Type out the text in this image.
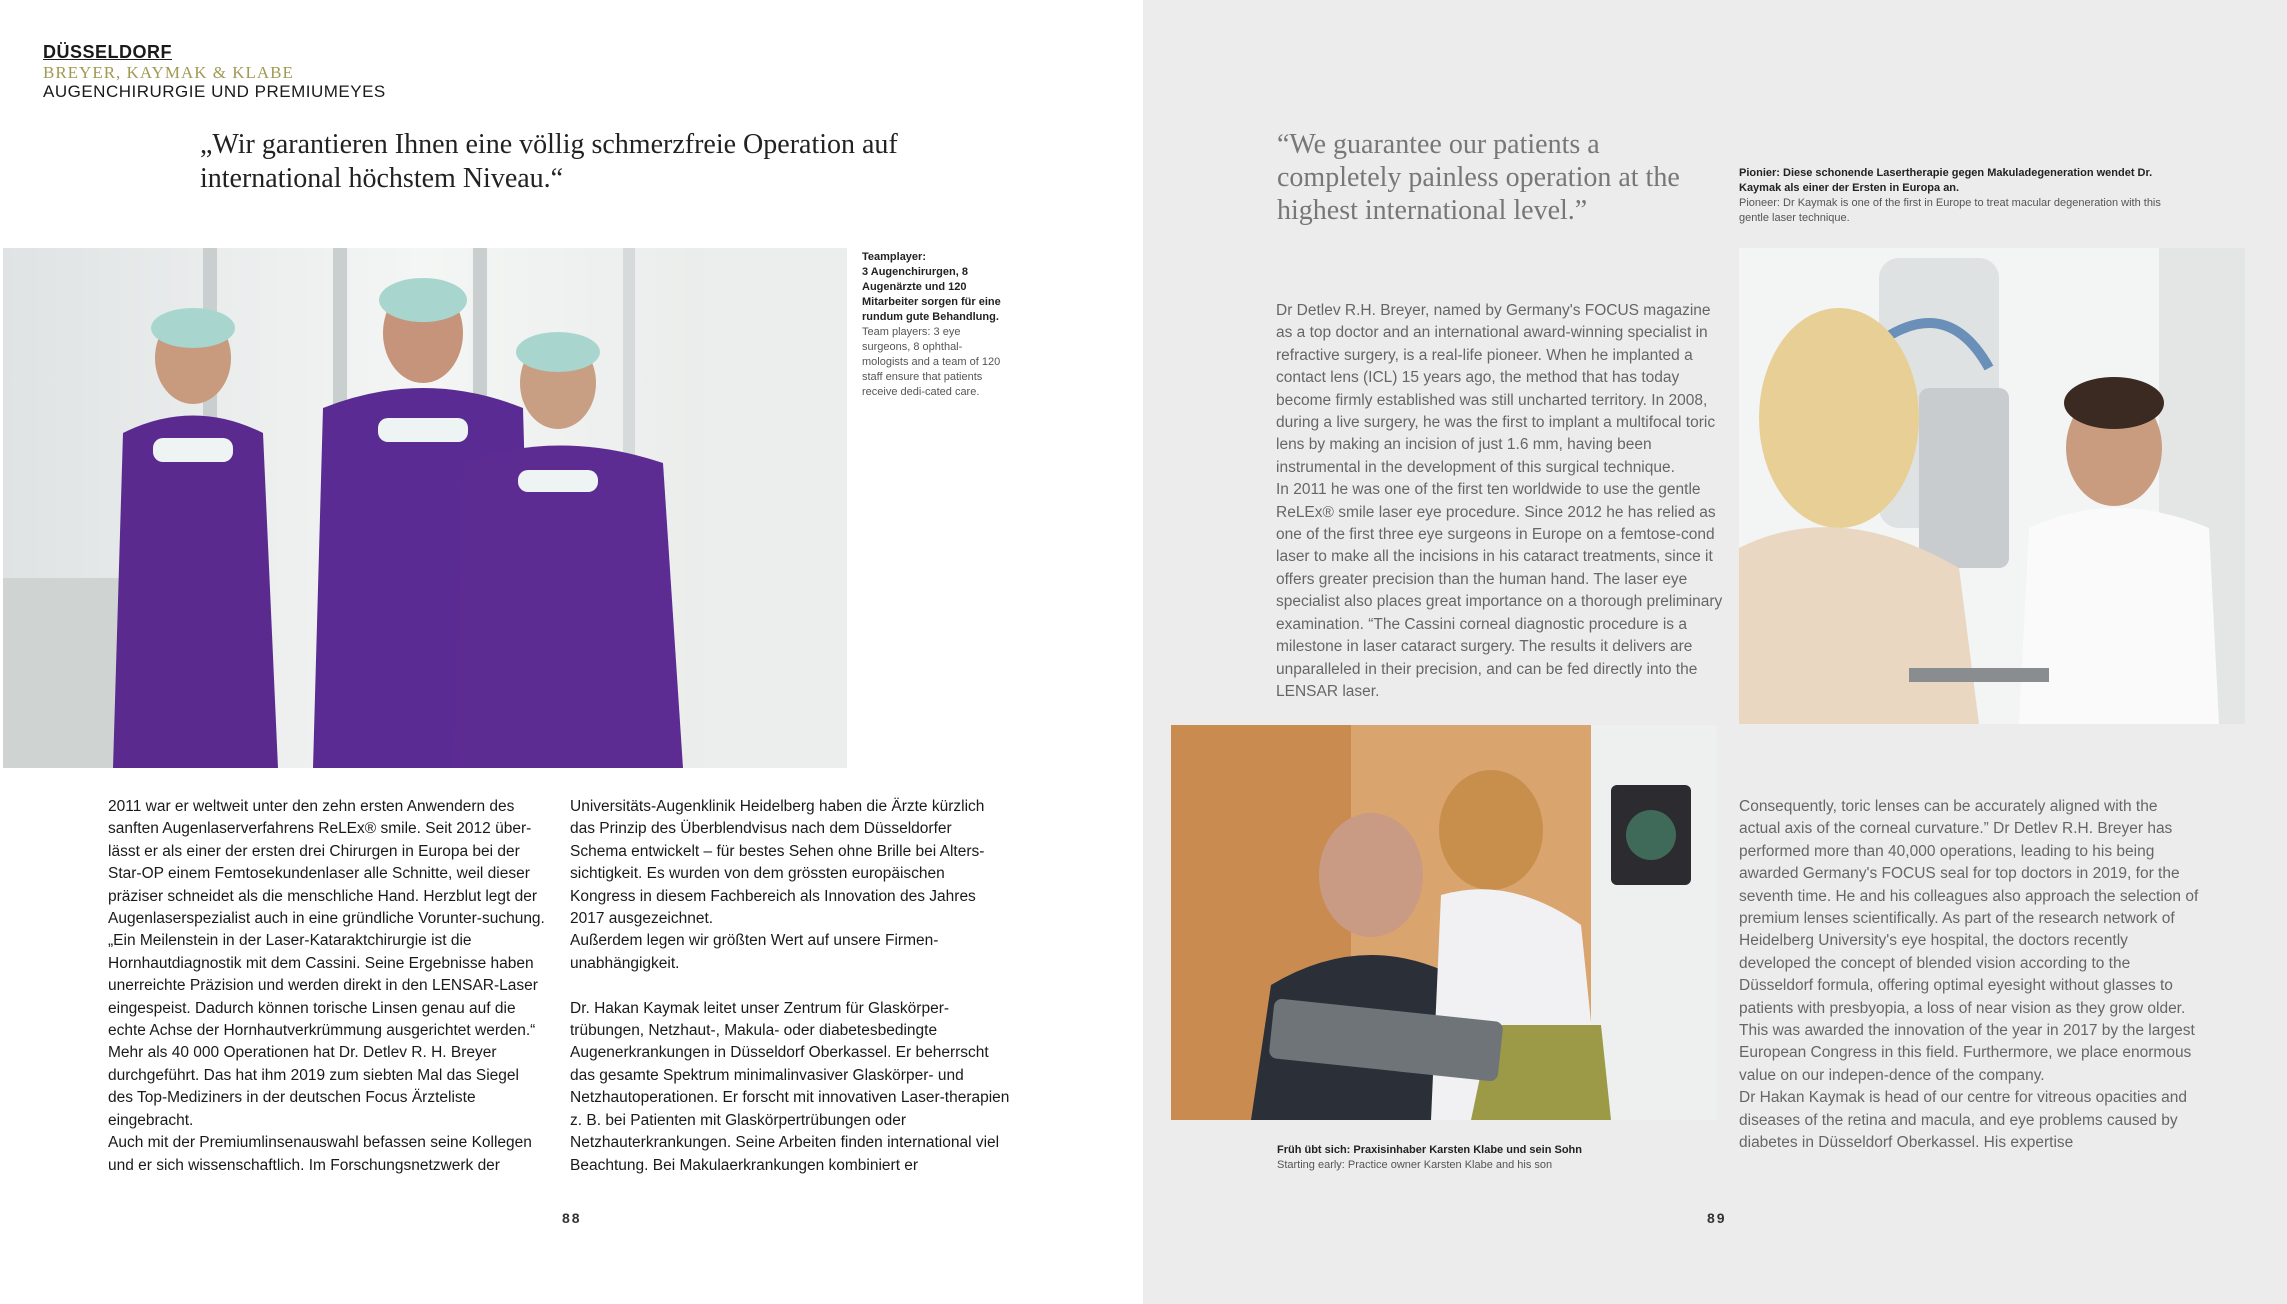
DÜSSELDORF
BREYER, KAYMAK & KLABE
AUGENCHIRURGIE UND PREMIUMEYES
„Wir garantieren Ihnen eine völlig schmerzfreie Operation auf international höchstem Niveau.“
Teamplayer:
3 Augenchirurgen, 8 Augenärzte und 120 Mitarbeiter sorgen für eine rundum gute Behandlung.
Team players: 3 eye surgeons, 8 ophthal-mologists and a team of 120 staff ensure that patients receive dedi-cated care.
2011 war er weltweit unter den zehn ersten Anwendern des sanften Augenlaserverfahrens ReLEx® smile. Seit 2012 über-lässt er als einer der ersten drei Chirurgen in Europa bei der Star-OP einem Femtosekundenlaser alle Schnitte, weil dieser präziser schneidet als die menschliche Hand. Herzblut legt der Augenlaserspezialist auch in eine gründliche Vorunter-suchung. „Ein Meilenstein in der Laser-Kataraktchirurgie ist die Hornhautdiagnostik mit dem Cassini. Seine Ergebnisse haben unerreichte Präzision und werden direkt in den LENSAR-Laser eingespeist. Dadurch können torische Linsen genau auf die echte Achse der Hornhautverkrümmung ausgerichtet werden.“ Mehr als 40 000 Operationen hat Dr. Detlev R. H. Breyer durchgeführt. Das hat ihm 2019 zum siebten Mal das Siegel des Top-Mediziners in der deutschen Focus Ärzteliste eingebracht.
Auch mit der Premiumlinsenauswahl befassen seine Kollegen und er sich wissenschaftlich. Im Forschungsnetzwerk der
Universitäts-Augenklinik Heidelberg haben die Ärzte kürzlich das Prinzip des Überblendvisus nach dem Düsseldorfer Schema entwickelt – für bestes Sehen ohne Brille bei Alters-sichtigkeit. Es wurden von dem grössten europäischen Kongress in diesem Fachbereich als Innovation des Jahres 2017 ausgezeichnet.
Außerdem legen wir größten Wert auf unsere Firmen-unabhängigkeit.

Dr. Hakan Kaymak leitet unser Zentrum für Glaskörper-trübungen, Netzhaut-, Makula- oder diabetesbedingte Augenerkrankungen in Düsseldorf Oberkassel. Er beherrscht das gesamte Spektrum minimalinvasiver Glaskörper- und Netzhautoperationen. Er forscht mit innovativen Laser-therapien z. B. bei Patienten mit Glaskörpertrübungen oder Netzhauterkrankungen. Seine Arbeiten finden international viel Beachtung. Bei Makulaerkrankungen kombiniert er
88
“We guarantee our patients a completely painless operation at the highest international level.”
Pionier: Diese schonende Lasertherapie gegen Makuladegeneration wendet Dr. Kaymak als einer der Ersten in Europa an.
Pioneer: Dr Kaymak is one of the first in Europe to treat macular degeneration with this gentle laser technique.
Dr Detlev R.H. Breyer, named by Germany's FOCUS magazine as a top doctor and an international award-winning specialist in refractive surgery, is a real-life pioneer. When he implanted a contact lens (ICL) 15 years ago, the method that has today become firmly established was still uncharted territory. In 2008, during a live surgery, he was the first to implant a multifocal toric lens by making an incision of just 1.6 mm, having been instrumental in the development of this surgical technique.
In 2011 he was one of the first ten worldwide to use the gentle ReLEx® smile laser eye procedure. Since 2012 he has relied as one of the first three eye surgeons in Europe on a femtose-cond laser to make all the incisions in his cataract treatments, since it offers greater precision than the human hand. The laser eye specialist also places great importance on a thorough preliminary examination. “The Cassini corneal diagnostic procedure is a milestone in laser cataract surgery. The results it delivers are unparalleled in their precision, and can be fed directly into the LENSAR laser.
Früh übt sich: Praxisinhaber Karsten Klabe und sein Sohn
Starting early: Practice owner Karsten Klabe and his son
Consequently, toric lenses can be accurately aligned with the actual axis of the corneal curvature.” Dr Detlev R.H. Breyer has performed more than 40,000 operations, leading to his being awarded Germany's FOCUS seal for top doctors in 2019, for the seventh time. He and his colleagues also approach the selection of premium lenses scientifically. As part of the research network of Heidelberg University's eye hospital, the doctors recently developed the concept of blended vision according to the Düsseldorf formula, offering optimal eyesight without glasses to patients with presbyopia, a loss of near vision as they grow older. This was awarded the innovation of the year in 2017 by the largest European Congress in this field. Furthermore, we place enormous value on our indepen-dence of the company.
Dr Hakan Kaymak is head of our centre for vitreous opacities and diseases of the retina and macula, and eye problems caused by diabetes in Düsseldorf Oberkassel. His expertise
89
